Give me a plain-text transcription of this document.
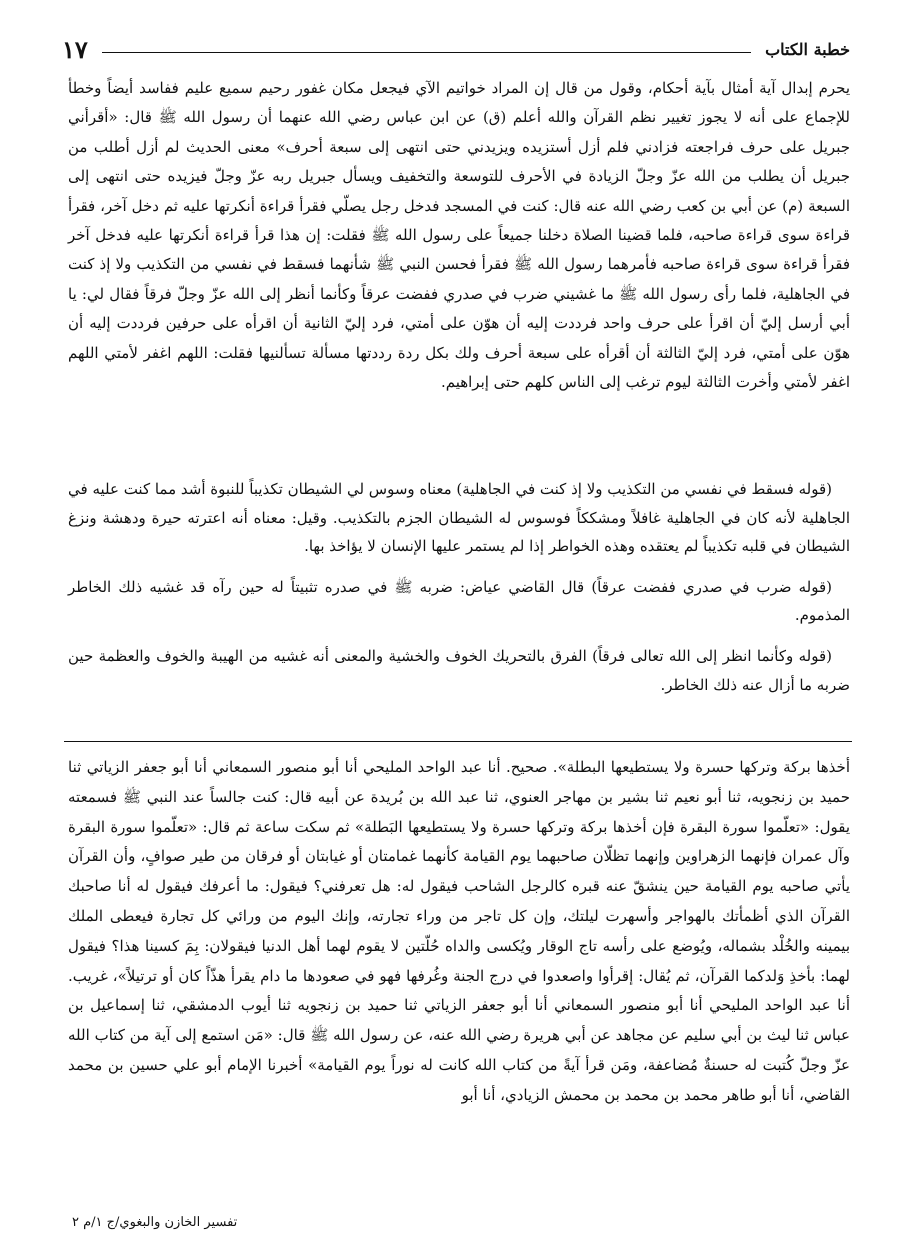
خطبة الكتاب
١٧

يحرم إبدال آية أمثال بآية أحكام، وقول من قال إن المراد خواتيم الآي فيجعل مكان غفور رحيم سميع عليم ففاسد أيضاً وخطأ للإجماع على أنه لا يجوز تغيير نظم القرآن والله أعلم (ق) عن ابن عباس رضي الله عنهما أن رسول الله ﷺ قال: «أقرأني جبريل على حرف فراجعته فزادني فلم أزل أستزيده ويزيدني حتى انتهى إلى سبعة أحرف» معنى الحديث لم أزل أطلب من جبريل أن يطلب من الله عزّ وجلّ الزيادة في الأحرف للتوسعة والتخفيف ويسأل جبريل ربه عزّ وجلّ فيزيده حتى انتهى إلى السبعة (م) عن أبي بن كعب رضي الله عنه قال: كنت في المسجد فدخل رجل يصلّي فقرأ قراءة أنكرتها عليه ثم دخل آخر، فقرأ قراءة سوى قراءة صاحبه، فلما قضينا الصلاة دخلنا جميعاً على رسول الله ﷺ فقلت: إن هذا قرأ قراءة أنكرتها عليه فدخل آخر فقرأ قراءة سوى قراءة صاحبه فأمرهما رسول الله ﷺ فقرأ فحسن النبي ﷺ شأنهما فسقط في نفسي من التكذيب ولا إذ كنت في الجاهلية، فلما رأى رسول الله ﷺ ما غشيني ضرب في صدري ففضت عرقاً وكأنما أنظر إلى الله عزّ وجلّ فرقاً فقال لي: يا أبي أرسل إليّ أن اقرأ على حرف واحد فرددت إليه أن هوّن على أمتي، فرد إليّ الثانية أن اقرأه على حرفين فرددت إليه أن هوّن على أمتي، فرد إليّ الثالثة أن أقرأه على سبعة أحرف ولك بكل ردة رددتها مسألة تسألنيها فقلت: اللهم اغفر لأمتي اللهم اغفر لأمتي وأخرت الثالثة ليوم ترغب إلى الناس كلهم حتى إبراهيم.

(قوله فسقط في نفسي من التكذيب ولا إذ كنت في الجاهلية) معناه وسوس لي الشيطان تكذيباً للنبوة أشد مما كنت عليه في الجاهلية لأنه كان في الجاهلية غافلاً ومشككاً فوسوس له الشيطان الجزم بالتكذيب. وقيل: معناه أنه اعترته حيرة ودهشة ونزغ الشيطان في قلبه تكذيباً لم يعتقده وهذه الخواطر إذا لم يستمر عليها الإنسان لا يؤاخذ بها.

(قوله ضرب في صدري ففضت عرقاً) قال القاضي عياض: ضربه ﷺ في صدره تثبيتاً له حين رآه قد غشيه ذلك الخاطر المذموم.

(قوله وكأنما انظر إلى الله تعالى فرقاً) الفرق بالتحريك الخوف والخشية والمعنى أنه غشيه من الهيبة والخوف والعظمة حين ضربه ما أزال عنه ذلك الخاطر.

أخذها بركة وتركها حسرة ولا يستطيعها البطلة». صحيح. أنا عبد الواحد المليحي أنا أبو منصور السمعاني أنا أبو جعفر الزياتي ثنا حميد بن زنجويه، ثنا أبو نعيم ثنا بشير بن مهاجر العنوي، ثنا عبد الله بن بُريدة عن أبيه قال: كنت جالساً عند النبي ﷺ فسمعته يقول: «تعلّموا سورة البقرة فإن أخذها بركة وتركها حسرة ولا يستطيعها البَطلة» ثم سكت ساعة ثم قال: «تعلّموا سورة البقرة وآل عمران فإنهما الزهراوين وإنهما تظلّان صاحبهما يوم القيامة كأنهما غمامتان أو غيابتان أو فرقان من طير صوافٍ، وأن القرآن يأتي صاحبه يوم القيامة حين ينشقّ عنه قبره كالرجل الشاحب فيقول له: هل تعرفني؟ فيقول: ما أعرفك فيقول له أنا صاحبك القرآن الذي أظمأتك بالهواجر وأسهرت ليلتك، وإن كل تاجر من وراء تجارته، وإنك اليوم من ورائي كل تجارة فيعطى الملك بيمينه والخُلْد بشماله، ويُوضع على رأسه تاج الوقار ويُكسى والداه حُلّتين لا يقوم لهما أهل الدنيا فيقولان: بِمَ كسينا هذا؟ فيقول لهما: بأخذِ وَلدكما القرآن، ثم يُقال: إقرأوا واصعدوا في درج الجنة وغُرفها فهو في صعودها ما دام يقرأ هذّاً كان أو ترتيلاً»، غريب. أنا عبد الواحد المليحي أنا أبو منصور السمعاني أنا أبو جعفر الزياتي ثنا حميد بن زنجويه ثنا أيوب الدمشقي، ثنا إسماعيل بن عباس ثنا ليث بن أبي سليم عن مجاهد عن أبي هريرة رضي الله عنه، عن رسول الله ﷺ قال: «مَن استمع إلى آية من كتاب الله عزّ وجلّ كُتبت له حسنةٌ مُضاعفة، ومَن قرأ آيةً من كتاب الله كانت له نوراً يوم القيامة» أخبرنا الإمام أبو علي حسين بن محمد القاضي، أنا أبو طاهر محمد بن محمد بن محمش الزيادي، أنا أبو

تفسير الخازن والبغوي/ج ١/م ٢
